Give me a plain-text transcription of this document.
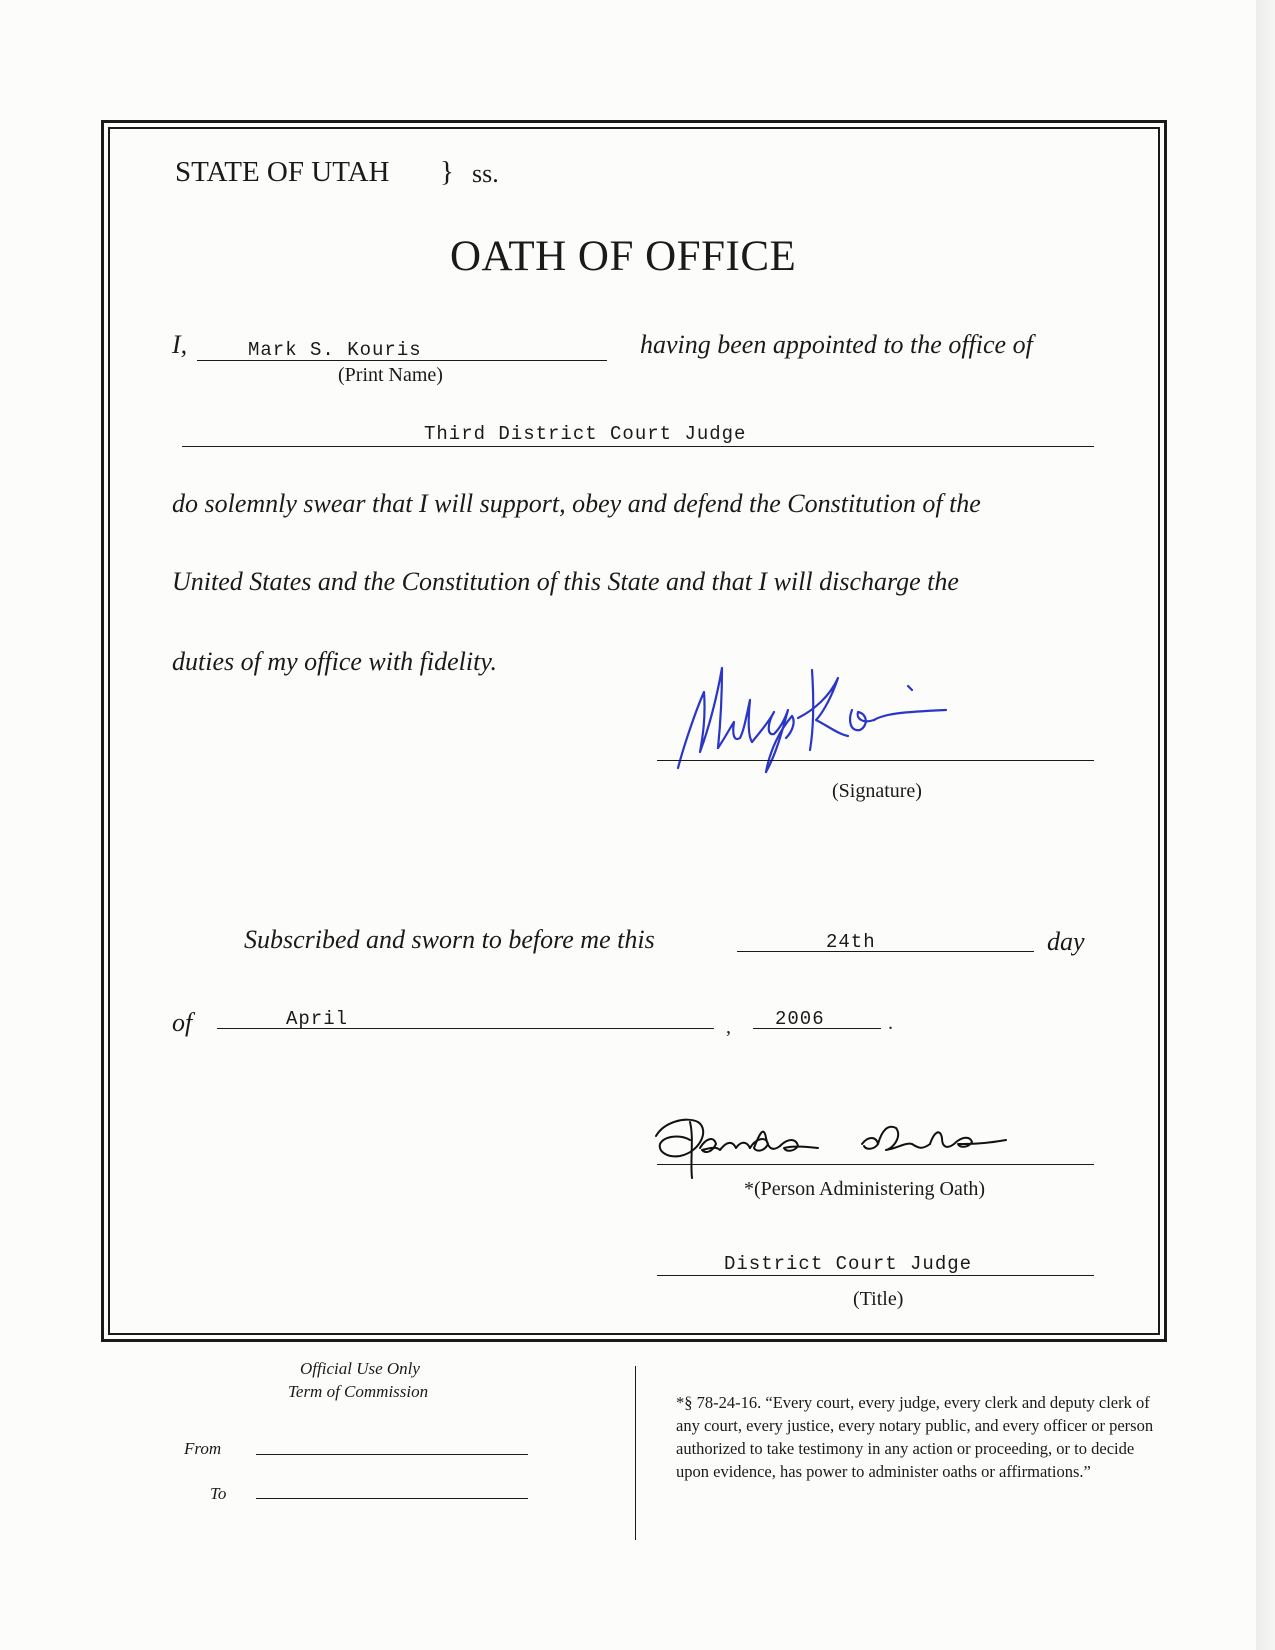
STATE OF UTAH } ss.
OATH OF OFFICE
I,	Mark S. Kouris
(Print Name)
having been appointed to the office of
Third District Court Judge
do solemnly swear that I will support, obey and defend the Constitution of the
United States and the Constitution of this State and that I will discharge the
duties of my office with fidelity.
(Signature)
Subscribed and sworn to before me this	24th	day
of	April	, 2006	.
*(Person Administering Oath)
District Court Judge
(Title)
Official Use Only
Term of Commission
From
To
*§ 78-24-16. “Every court, every judge, every clerk and deputy clerk of any court, every justice, every notary public, and every officer or person authorized to take testimony in any action or proceeding, or to decide upon evidence, has power to administer oaths or affirmations.”
